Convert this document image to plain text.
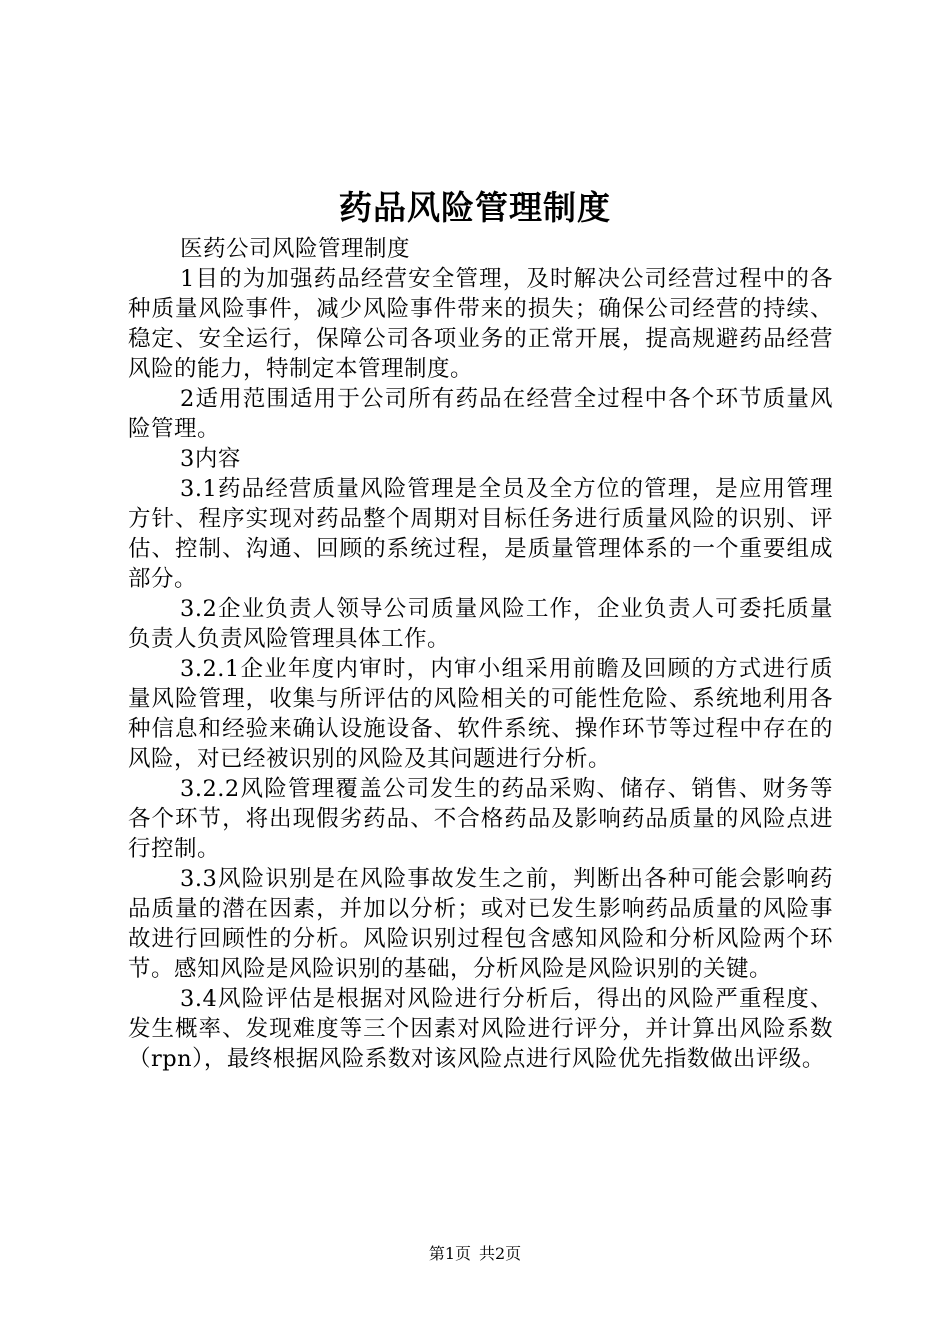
药品风险管理制度

医药公司风险管理制度

1目的为加强药品经营安全管理，及时解决公司经营过程中的各种质量风险事件，减少风险事件带来的损失；确保公司经营的持续、稳定、安全运行，保障公司各项业务的正常开展，提高规避药品经营风险的能力，特制定本管理制度。

2适用范围适用于公司所有药品在经营全过程中各个环节质量风险管理。

3内容

3.1药品经营质量风险管理是全员及全方位的管理，是应用管理方针、程序实现对药品整个周期对目标任务进行质量风险的识别、评估、控制、沟通、回顾的系统过程，是质量管理体系的一个重要组成部分。

3.2企业负责人领导公司质量风险工作，企业负责人可委托质量负责人负责风险管理具体工作。

3.2.1企业年度内审时，内审小组采用前瞻及回顾的方式进行质量风险管理，收集与所评估的风险相关的可能性危险、系统地利用各种信息和经验来确认设施设备、软件系统、操作环节等过程中存在的风险，对已经被识别的风险及其问题进行分析。

3.2.2风险管理覆盖公司发生的药品采购、储存、销售、财务等各个环节，将出现假劣药品、不合格药品及影响药品质量的风险点进行控制。

3.3风险识别是在风险事故发生之前，判断出各种可能会影响药品质量的潜在因素，并加以分析；或对已发生影响药品质量的风险事故进行回顾性的分析。风险识别过程包含感知风险和分析风险两个环节。感知风险是风险识别的基础，分析风险是风险识别的关键。

3.4风险评估是根据对风险进行分析后，得出的风险严重程度、发生概率、发现难度等三个因素对风险进行评分，并计算出风险系数（rpn），最终根据风险系数对该风险点进行风险优先指数做出评级。

第1页 共2页
